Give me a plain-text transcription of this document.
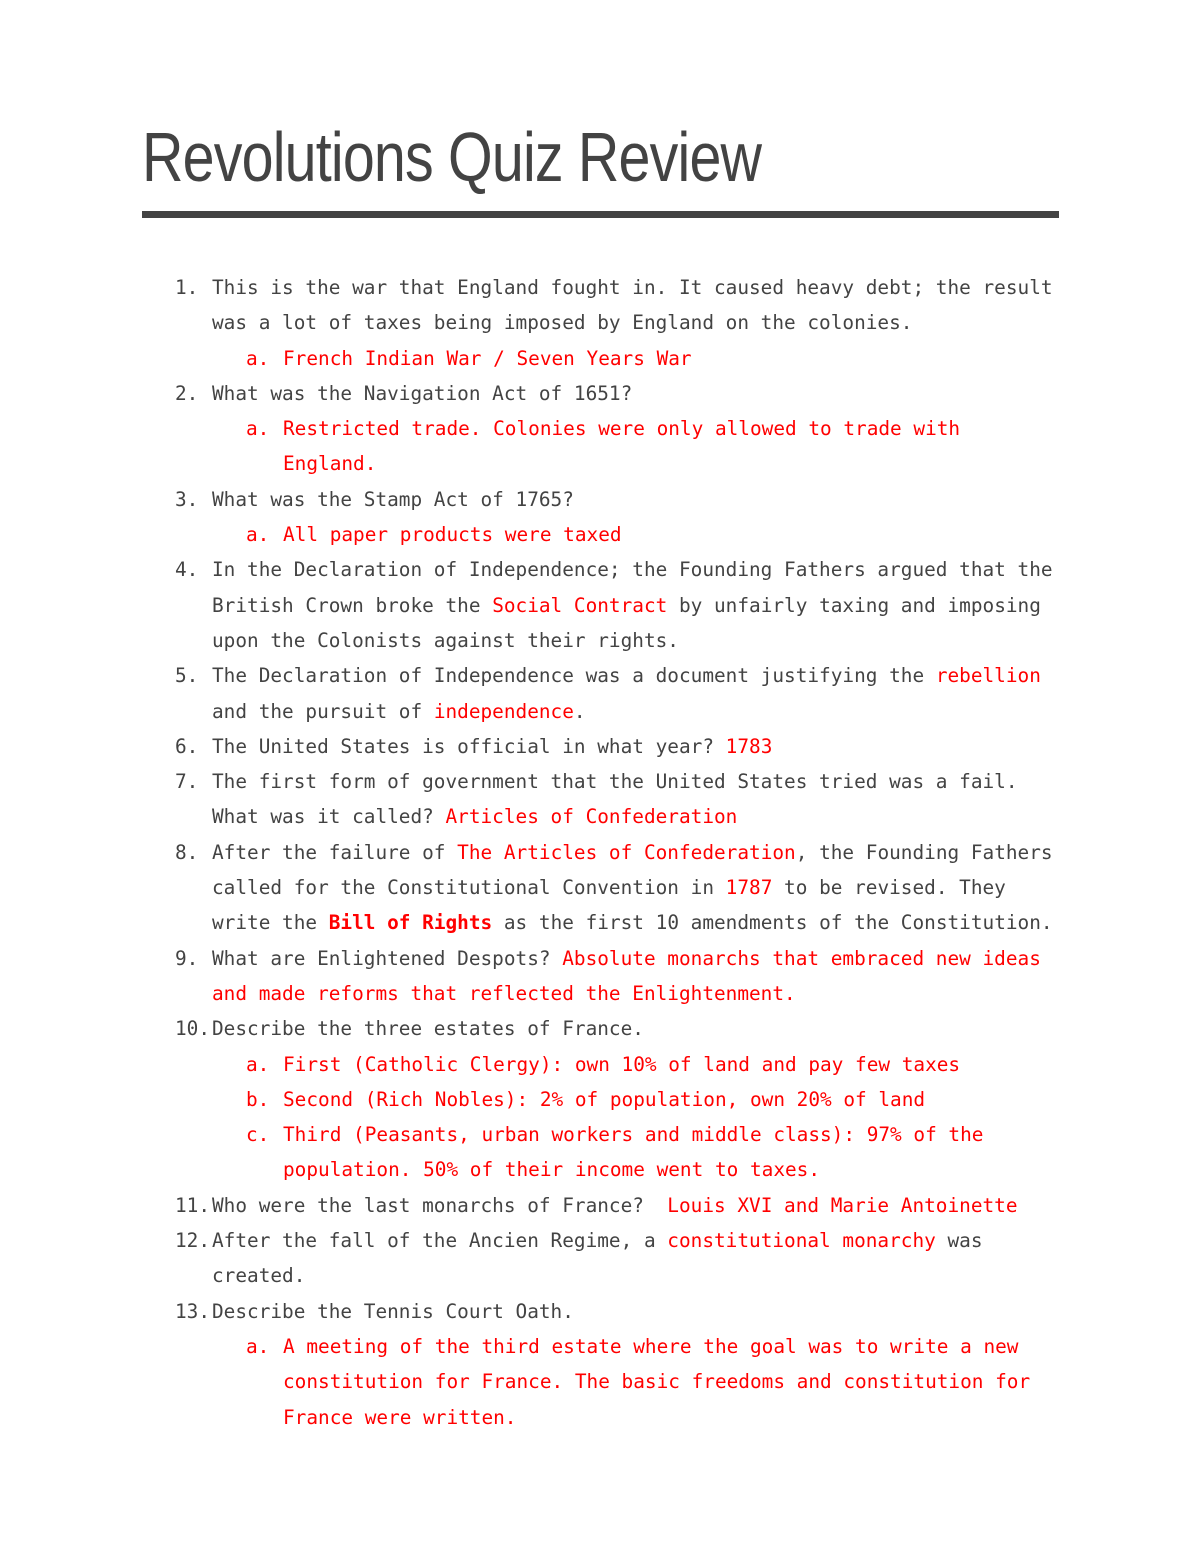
Revolutions Quiz Review

1.

This is the war that England fought in. It caused heavy debt; the result

was a lot of taxes being imposed by England on the colonies.

a.

French Indian War / Seven Years War

2.

What was the Navigation Act of 1651?

a.

Restricted trade. Colonies were only allowed to trade with

England.

3.

What was the Stamp Act of 1765?

a.

All paper products were taxed

4.

In the Declaration of Independence; the Founding Fathers argued that the

British Crown broke the Social Contract by unfairly taxing and imposing

upon the Colonists against their rights.

5.

The Declaration of Independence was a document justifying the rebellion

and the pursuit of independence.

6.

The United States is official in what year? 1783

7.

The first form of government that the United States tried was a fail.

What was it called? Articles of Confederation

8.

After the failure of The Articles of Confederation, the Founding Fathers

called for the Constitutional Convention in 1787 to be revised. They

write the Bill of Rights as the first 10 amendments of the Constitution.

9.

What are Enlightened Despots? Absolute monarchs that embraced new ideas

and made reforms that reflected the Enlightenment.

10.

Describe the three estates of France.

a.

First (Catholic Clergy): own 10% of land and pay few taxes

b.

Second (Rich Nobles): 2% of population, own 20% of land

c.

Third (Peasants, urban workers and middle class): 97% of the

population. 50% of their income went to taxes.

11.

Who were the last monarchs of France?  Louis XVI and Marie Antoinette

12.

After the fall of the Ancien Regime, a constitutional monarchy was

created.

13.

Describe the Tennis Court Oath.

a.

A meeting of the third estate where the goal was to write a new

constitution for France. The basic freedoms and constitution for

France were written.
